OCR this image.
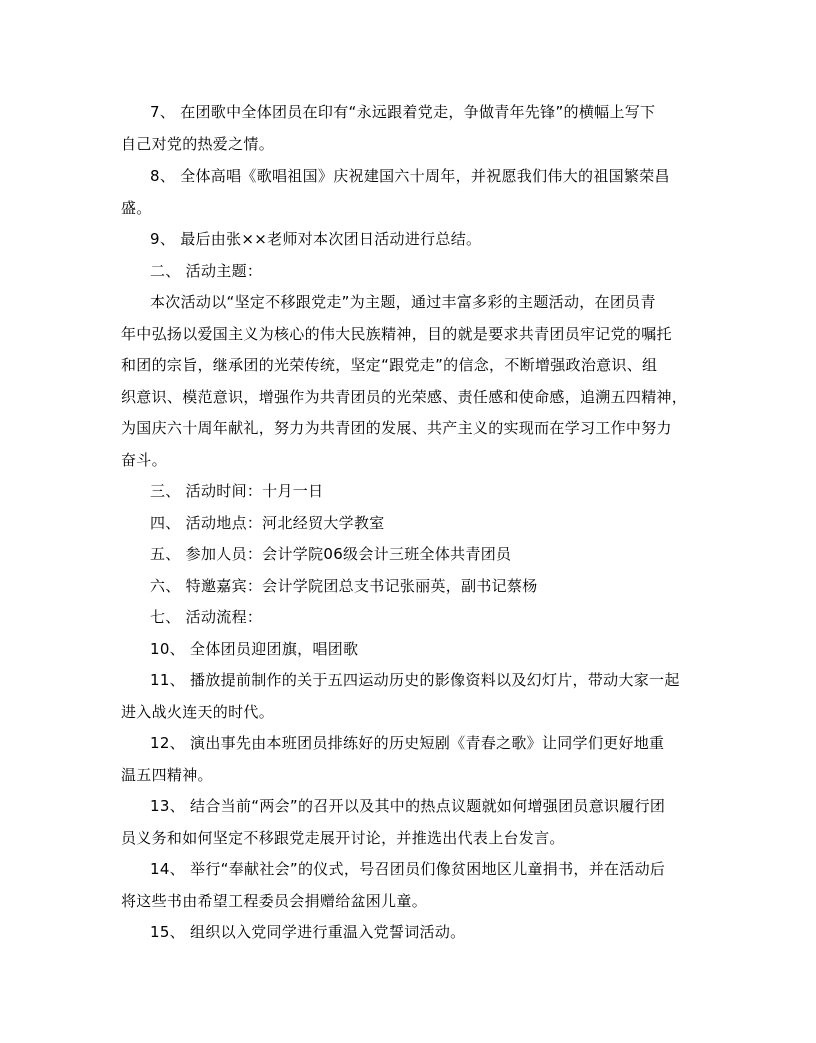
7、 在团歌中全体团员在印有“永远跟着党走，争做青年先锋”的横幅上写下
自己对党的热爱之情。
8、 全体高唱《歌唱祖国》庆祝建国六十周年，并祝愿我们伟大的祖国繁荣昌
盛。
9、 最后由张××老师对本次团日活动进行总结。
二、 活动主题：
本次活动以“坚定不移跟党走”为主题，通过丰富多彩的主题活动，在团员青
年中弘扬以爱国主义为核心的伟大民族精神，目的就是要求共青团员牢记党的嘱托
和团的宗旨，继承团的光荣传统，坚定“跟党走”的信念，不断增强政治意识、组
织意识、模范意识，增强作为共青团员的光荣感、责任感和使命感，追溯五四精神，
为国庆六十周年献礼，努力为共青团的发展、共产主义的实现而在学习工作中努力
奋斗。
三、 活动时间：十月一日
四、 活动地点：河北经贸大学教室
五、 参加人员：会计学院06级会计三班全体共青团员
六、 特邀嘉宾：会计学院团总支书记张丽英，副书记蔡杨
七、 活动流程：
10、 全体团员迎团旗，唱团歌
11、 播放提前制作的关于五四运动历史的影像资料以及幻灯片，带动大家一起
进入战火连天的时代。
12、 演出事先由本班团员排练好的历史短剧《青春之歌》让同学们更好地重
温五四精神。
13、 结合当前“两会”的召开以及其中的热点议题就如何增强团员意识履行团
员义务和如何坚定不移跟党走展开讨论，并推选出代表上台发言。
14、 举行“奉献社会”的仪式，号召团员们像贫困地区儿童捐书，并在活动后
将这些书由希望工程委员会捐赠给盆困儿童。
15、 组织以入党同学进行重温入党誓词活动。
